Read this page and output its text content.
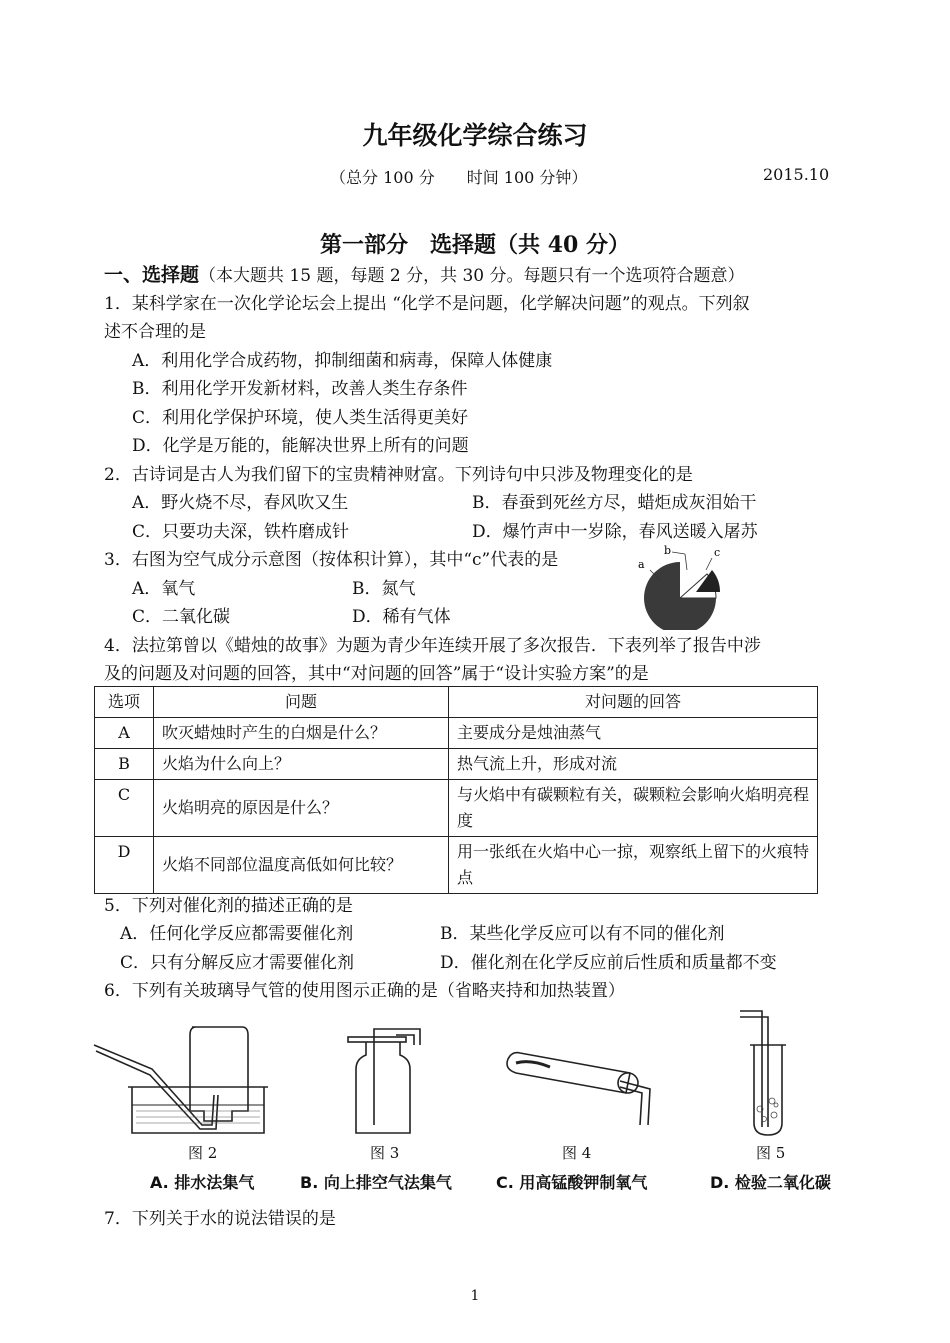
九年级化学综合练习
（总分 100 分　　时间 100 分钟）	2015.10
第一部分　选择题（共 40 分）
一、选择题（本大题共 15 题，每题 2 分，共 30 分。每题只有一个选项符合题意）
1．某科学家在一次化学论坛会上提出 “化学不是问题，化学解决问题”的观点。下列叙
述不合理的是
A．利用化学合成药物，抑制细菌和病毒，保障人体健康
B．利用化学开发新材料，改善人类生存条件
C．利用化学保护环境，使人类生活得更美好
D．化学是万能的，能解决世界上所有的问题
2．古诗词是古人为我们留下的宝贵精神财富。下列诗句中只涉及物理变化的是
A．野火烧不尽，春风吹又生	B．春蚕到死丝方尽，蜡炬成灰泪始干
C．只要功夫深，铁杵磨成针	D．爆竹声中一岁除，春风送暖入屠苏
3．右图为空气成分示意图（按体积计算），其中“c”代表的是
A．氧气	B．氮气
C．二氧化碳	D．稀有气体
a
b	c
4．法拉第曾以《蜡烛的故事》为题为青少年连续开展了多次报告．下表列举了报告中涉
及的问题及对问题的回答，其中“对问题的回答”属于“设计实验方案”的是
选项	问题	对问题的回答
A	吹灭蜡烛时产生的白烟是什么？	主要成分是烛油蒸气
B	火焰为什么向上？	热气流上升，形成对流
C	火焰明亮的原因是什么？	与火焰中有碳颗粒有关，碳颗粒会影响火焰明亮程度
D	火焰不同部位温度高低如何比较？	用一张纸在火焰中心一掠，观察纸上留下的火痕特点
5．下列对催化剂的描述正确的是
A．任何化学反应都需要催化剂	B．某些化学反应可以有不同的催化剂
C．只有分解反应才需要催化剂	D．催化剂在化学反应前后性质和质量都不变
6．下列有关玻璃导气管的使用图示正确的是（省略夹持和加热装置）
图 2	图 3	图 4	图 5
A. 排水法集气	B. 向上排空气法集气	C. 用高锰酸钾制氧气	D. 检验二氧化碳
7．下列关于水的说法错误的是
1
